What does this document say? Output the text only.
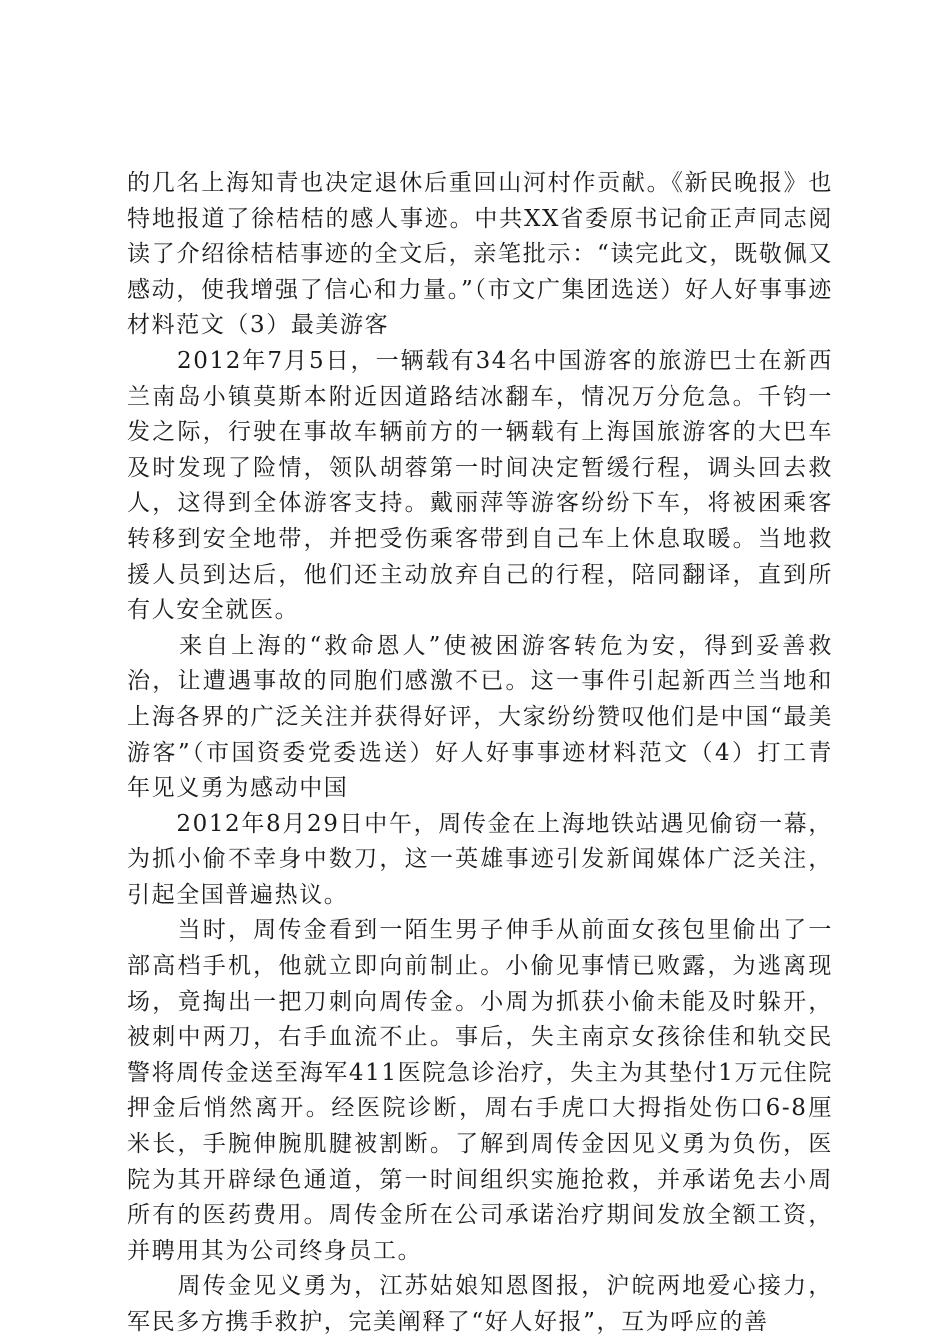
的几名上海知青也决定退休后重回山河村作贡献。《新民晚报》也特地报道了徐桔桔的感人事迹。中共XX省委原书记俞正声同志阅读了介绍徐桔桔事迹的全文后，亲笔批示：“读完此文，既敬佩又感动，使我增强了信心和力量。”（市文广集团选送）好人好事事迹材料范文（3）最美游客

　　2012年7月5日，一辆载有34名中国游客的旅游巴士在新西兰南岛小镇莫斯本附近因道路结冰翻车，情况万分危急。千钧一发之际，行驶在事故车辆前方的一辆载有上海国旅游客的大巴车及时发现了险情，领队胡蓉第一时间决定暂缓行程，调头回去救人，这得到全体游客支持。戴丽萍等游客纷纷下车，将被困乘客转移到安全地带，并把受伤乘客带到自己车上休息取暖。当地救援人员到达后，他们还主动放弃自己的行程，陪同翻译，直到所有人安全就医。

　　来自上海的“救命恩人”使被困游客转危为安，得到妥善救治，让遭遇事故的同胞们感激不已。这一事件引起新西兰当地和上海各界的广泛关注并获得好评，大家纷纷赞叹他们是中国“最美游客”（市国资委党委选送）好人好事事迹材料范文（4）打工青年见义勇为感动中国

　　2012年8月29日中午，周传金在上海地铁站遇见偷窃一幕，为抓小偷不幸身中数刀，这一英雄事迹引发新闻媒体广泛关注，引起全国普遍热议。

　　当时，周传金看到一陌生男子伸手从前面女孩包里偷出了一部高档手机，他就立即向前制止。小偷见事情已败露，为逃离现场，竟掏出一把刀刺向周传金。小周为抓获小偷未能及时躲开，被刺中两刀，右手血流不止。事后，失主南京女孩徐佳和轨交民警将周传金送至海军411医院急诊治疗，失主为其垫付1万元住院押金后悄然离开。经医院诊断，周右手虎口大拇指处伤口6-8厘米长，手腕伸腕肌腱被割断。了解到周传金因见义勇为负伤，医院为其开辟绿色通道，第一时间组织实施抢救，并承诺免去小周所有的医药费用。周传金所在公司承诺治疗期间发放全额工资，并聘用其为公司终身员工。

　　周传金见义勇为，江苏姑娘知恩图报，沪皖两地爱心接力，军民多方携手救护，完美阐释了“好人好报”，互为呼应的善
